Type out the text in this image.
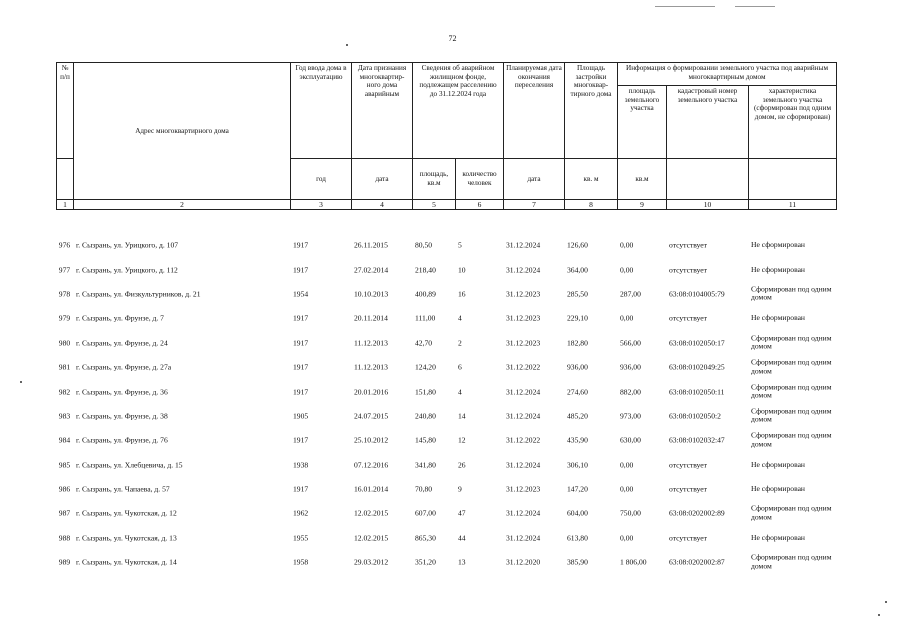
72
№ п/п	Адрес многоквартирного дома	Год ввода дома в эксплуатацию	Дата признания многоквартир-ного дома аварийным	Сведения об аварийном жилищном фонде, подлежащем расселению до 31.12.2024 года		Планируемая дата окончания переселения	Площадь застройки многоквар-тирного дома	Информация о формировании земельного участка под аварийным многоквартирным домом		
								площадь земельного участка	кадастровый номер земельного участка	характеристика земельного участка (сформирован под одним домом, не сформирован)
		год	дата	площадь, кв.м	количество человек	дата	кв. м	кв.м		
1	2	3	4	5	6	7	8	9	10	11
976 г. Сызрань, ул. Урицкого, д. 107	1917	26.11.2015	80,50	5	31.12.2024	126,60	0,00	отсутствует	Не сформирован
977 г. Сызрань, ул. Урицкого, д. 112	1917	27.02.2014	218,40	10	31.12.2024	364,00	0,00	отсутствует	Не сформирован
978 г. Сызрань, ул. Физкультурников, д. 21	1954	10.10.2013	400,89	16	31.12.2023	285,50	287,00	63:08:0104005:79
Сформирован под одним домом
979 г. Сызрань, ул. Фрунзе, д. 7	1917	20.11.2014	111,00	4	31.12.2023	229,10	0,00	отсутствует	Не сформирован
980 г. Сызрань, ул. Фрунзе, д. 24	1917	11.12.2013	42,70	2	31.12.2023	182,80	566,00	63:08:0102050:17
Сформирован под одним домом
981 г. Сызрань, ул. Фрунзе, д. 27а	1917	11.12.2013	124,20	6	31.12.2022	936,00	936,00	63:08:0102049:25
Сформирован под одним домом
982 г. Сызрань, ул. Фрунзе, д. 36	1917	20.01.2016	151,80	4	31.12.2024	274,60	882,00	63:08:0102050:11
Сформирован под одним домом
983 г. Сызрань, ул. Фрунзе, д. 38	1905	24.07.2015	240,80	14	31.12.2024	485,20	973,00	63:08:0102050:2
Сформирован под одним домом
984 г. Сызрань, ул. Фрунзе, д. 76	1917	25.10.2012	145,80	12	31.12.2022	435,90	630,00	63:08:0102032:47
Сформирован под одним домом
985 г. Сызрань, ул. Хлебцевича, д. 15	1938	07.12.2016	341,80	26	31.12.2024	306,10	0,00	отсутствует	Не сформирован
986 г. Сызрань, ул. Чапаева, д. 57	1917	16.01.2014	70,80	9	31.12.2023	147,20	0,00	отсутствует	Не сформирован
987 г. Сызрань, ул. Чукотская, д. 12	1962	12.02.2015	607,00	47	31.12.2024	604,00	750,00	63:08:0202002:89
Сформирован под одним домом
988 г. Сызрань, ул. Чукотская, д. 13	1955	12.02.2015	865,30	44	31.12.2024	613,80	0,00	отсутствует	Не сформирован
989 г. Сызрань, ул. Чукотская, д. 14	1958	29.03.2012	351,20	13	31.12.2020	385,90	1 806,00	63:08:0202002:87
Сформирован под одним домом
